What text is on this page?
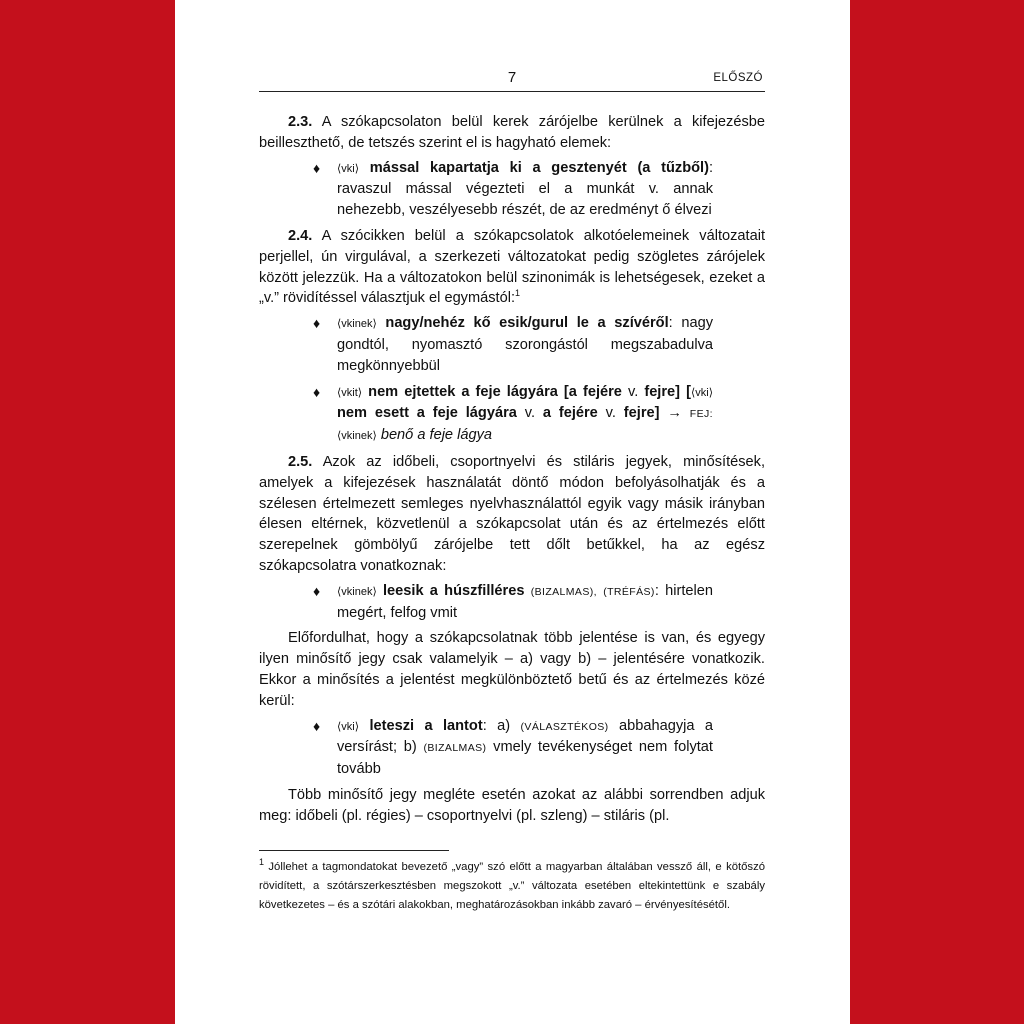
7	ELŐSZÓ

2.3. A szókapcsolaton belül kerek zárójelbe kerülnek a kifejezésbe beilleszthető, de tetszés szerint el is hagyható elemek:

♦ ⟨vki⟩ mással kapartatja ki a gesztenyét (a tűzből): ravaszul mással végezteti el a munkát v. annak nehezebb, veszélyesebb részét, de az eredményt ő élvezi

2.4. A szócikken belül a szókapcsolatok alkotóelemeinek változatait perjellel, ún virgulával, a szerkezeti változatokat pedig szögletes zárójelek között jelezzük. Ha a változatokon belül szinonimák is lehetségesek, ezeket a „v.” rövidítéssel választjuk el egymástól:$^1$

♦ ⟨vkinek⟩ nagy/nehéz kő esik/gurul le a szívéről: nagy gondtól, nyomasztó szorongástól megszabadulva megkönnyebbül
♦ ⟨vkit⟩ nem ejtettek a feje lágyára [a fejére v. fejre] [⟨vki⟩ nem esett a feje lágyára v. a fejére v. fejre] → FEJ: ⟨vkinek⟩ benő a feje lágya

2.5. Azok az időbeli, csoportnyelvi és stiláris jegyek, minősítések, amelyek a kifejezések használatát döntő módon befolyásolhatják és a szélesen értelmezett semleges nyelvhasználattól egyik vagy másik irányban élesen eltérnek, közvetlenül a szókapcsolat után és az értelmezés előtt szerepelnek gömbölyű zárójelbe tett dőlt betűkkel, ha az egész szókapcsolatra vonatkoznak:

♦ ⟨vkinek⟩ leesik a húszfilléres (BIZALMAS), (TRÉFÁS): hirtelen megért, felfog vmit

Előfordulhat, hogy a szókapcsolatnak több jelentése is van, és egyegy ilyen minősítő jegy csak valamelyik – a) vagy b) – jelentésére vonatkozik. Ekkor a minősítés a jelentést megkülönböztető betű és az értelmezés közé kerül:

♦ ⟨vki⟩ leteszi a lantot: a) (VÁLASZTÉKOS) abbahagyja a versírást; b) (BIZALMAS) vmely tevékenységet nem folytat tovább

Több minősítő jegy megléte esetén azokat az alábbi sorrendben adjuk meg: időbeli (pl. régies) – csoportnyelvi (pl. szleng) – stiláris (pl.

$^1$ Jóllehet a tagmondatokat bevezető „vagy” szó előtt a magyarban általában vessző áll, e kötőszó rövidített, a szótárszerkesztésben megszokott „v.” változata esetében eltekintettünk e szabály következetes – és a szótári alakokban, meghatározásokban inkább zavaró – érvényesítésétől.
